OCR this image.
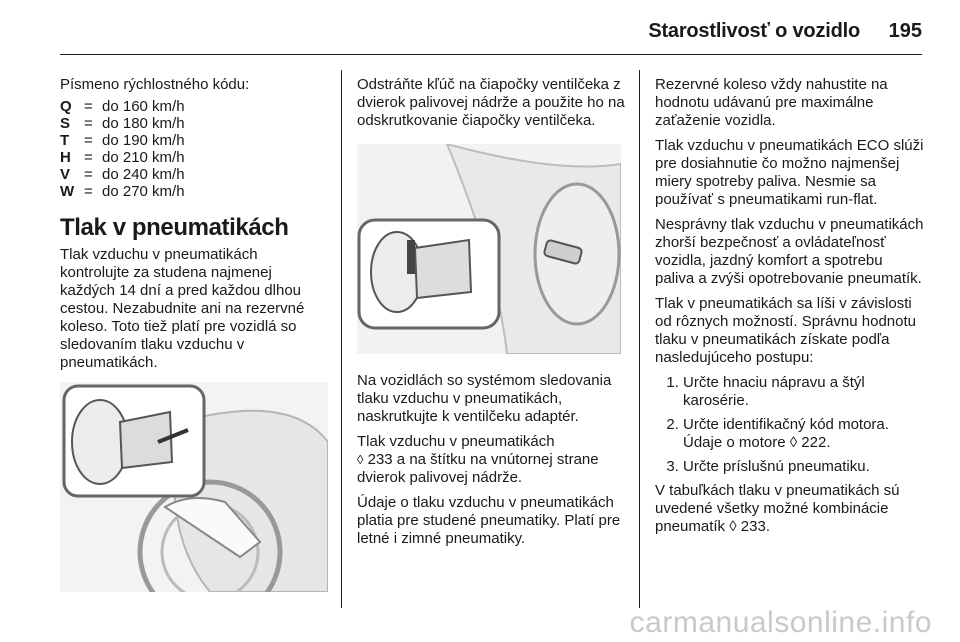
Starostlivosť o vozidlo 195

Písmeno rýchlostného kódu:

Q = do 160 km/h
S = do 180 km/h
T = do 190 km/h
H = do 210 km/h
V = do 240 km/h
W = do 270 km/h
Tlak v pneumatikách

Tlak vzduchu v pneumatikách kontrolujte za studena najmenej každých 14 dní a pred každou dlhou cestou. Nezabudnite ani na rezervné koleso. Toto tiež platí pre vozidlá so sledovaním tlaku vzduchu v pneumatikách.

Odstráňte kľúč na čiapočky ventilčeka z dvierok palivovej nádrže a použite ho na odskrutkovanie čiapočky ventilčeka.

Na vozidlách so systémom sledovania tlaku vzduchu v pneumatikách, naskrutkujte k ventilčeku adaptér.

Tlak vzduchu v pneumatikách
◊ 233 a na štítku na vnútornej strane dvierok palivovej nádrže.

Údaje o tlaku vzduchu v pneumatikách platia pre studené pneumatiky. Platí pre letné i zimné pneumatiky.

Rezervné koleso vždy nahustite na hodnotu udávanú pre maximálne zaťaženie vozidla.

Tlak vzduchu v pneumatikách ECO slúži pre dosiahnutie čo možno najmenšej miery spotreby paliva. Nesmie sa používať s pneumatikami run-flat.

Nesprávny tlak vzduchu v pneumatikách zhorší bezpečnosť a ovládateľnosť vozidla, jazdný komfort a spotrebu paliva a zvýši opotrebovanie pneumatík.

Tlak v pneumatikách sa líši v závislosti od rôznych možností. Správnu hodnotu tlaku v pneumatikách získate podľa nasledujúceho postupu:

1. Určte hnaciu nápravu a štýl karosérie.
2. Určte identifikačný kód motora. Údaje o motore ◊ 222.
3. Určte príslušnú pneumatiku.

V tabuľkách tlaku v pneumatikách sú uvedené všetky možné kombinácie pneumatík ◊ 233.

carmanualsonline.info
